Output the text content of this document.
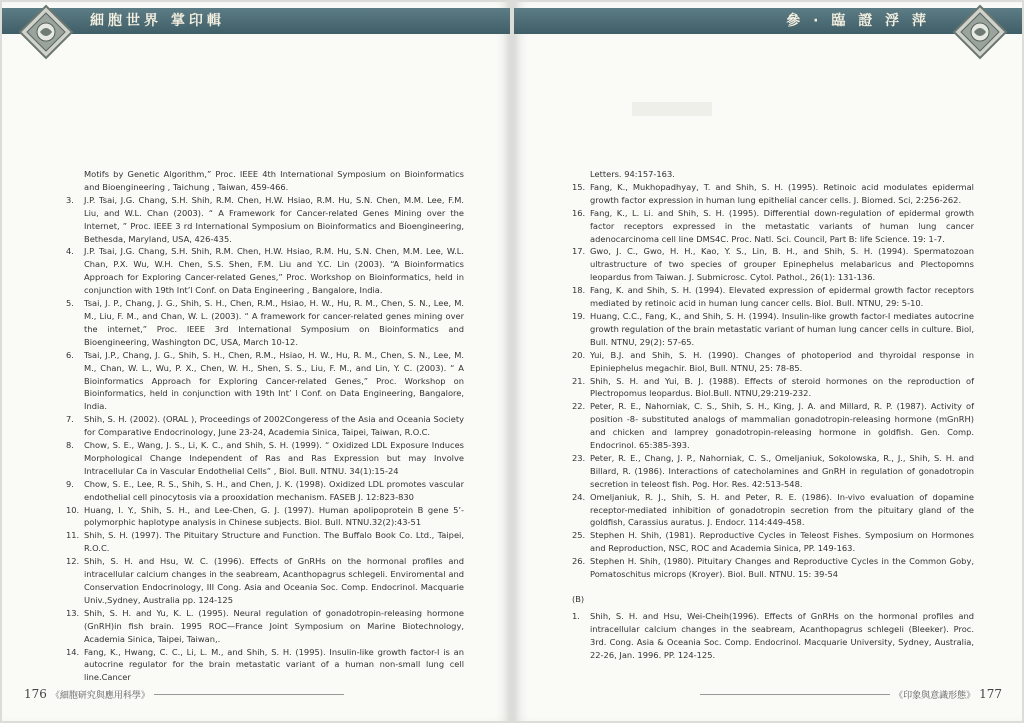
細胞世界 掌印輯
Motifs by Genetic Algorithm,” Proc. IEEE 4th International Symposium on Bioinformatics and Bioengineering , Taichung , Taiwan, 459-466.
3.	J.P. Tsai, J.G. Chang, S.H. Shih, R.M. Chen, H.W. Hsiao, R.M. Hu, S.N. Chen, M.M. Lee, F.M. Liu, and W.L. Chan (2003). “ A Framework for Cancer-related Genes Mining over the Internet, ” Proc. IEEE 3 rd International Symposium on Bioinformatics and Bioengineering, Bethesda, Maryland, USA, 426-435.
4.	J.P. Tsai, J.G. Chang, S.H. Shih, R.M. Chen, H.W. Hsiao, R.M. Hu, S.N. Chen, M.M. Lee, W.L. Chan, P.X. Wu, W.H. Chen, S.S. Shen, F.M. Liu and Y.C. Lin (2003). “A Bioinformatics Approach for Exploring Cancer-related Genes,” Proc. Workshop on Bioinformatics, held in conjunction with 19th Int’l Conf. on Data Engineering , Bangalore, India.
5.	Tsai, J. P., Chang, J. G., Shih, S. H., Chen, R.M., Hsiao, H. W., Hu, R. M., Chen, S. N., Lee, M. M., Liu, F. M., and Chan, W. L. (2003). “ A framework for cancer-related genes mining over the internet,” Proc. IEEE 3rd International Symposium on Bioinformatics and Bioengineering, Washington DC, USA, March 10-12.
6.	Tsai, J.P., Chang, J. G., Shih, S. H., Chen, R.M., Hsiao, H. W., Hu, R. M., Chen, S. N., Lee, M. M., Chan, W. L., Wu, P. X., Chen, W. H., Shen, S. S., Liu, F. M., and Lin, Y. C. (2003). “ A Bioinformatics Approach for Exploring Cancer-related Genes,” Proc. Workshop on Bioinformatics, held in conjunction with 19th Int’ l Conf. on Data Engineering, Bangalore, India.
7.	Shih, S. H. (2002). (ORAL ), Proceedings of 2002Congeress of the Asia and Oceania Society for Comparative Endocrinology, June 23-24, Academia Sinica, Taipei, Taiwan, R.O.C.
8.	Chow, S. E., Wang, J. S., Li, K. C., and Shih, S. H. (1999). “ Oxidized LDL Exposure Induces Morphological Change Independent of Ras and Ras Expression but may Involve Intracellular Ca in Vascular Endothelial Cells” , Biol. Bull. NTNU. 34(1):15-24
9.	Chow, S. E., Lee, R. S., Shih, S. H., and Chen, J. K. (1998). Oxidized LDL promotes vascular endothelial cell pinocytosis via a prooxidation mechanism. FASEB J. 12:823-830
10. Huang, I. Y., Shih, S. H., and Lee-Chen, G. J. (1997). Human apolipoprotein B gene 5’-polymorphic haplotype analysis in Chinese subjects. Biol. Bull. NTNU.32(2):43-51
11. Shih, S. H. (1997). The Pituitary Structure and Function. The Buffalo Book Co. Ltd., Taipei, R.O.C.
12. Shih, S. H. and Hsu, W. C. (1996). Effects of GnRHs on the hormonal profiles and intracellular calcium changes in the seabream, Acanthopagrus schlegeli. Enviromental and Conservation Endocrinology, III Cong. Asia and Oceania Soc. Comp. Endocrinol. Macquarie Univ.,Sydney, Australia pp. 124-125
13. Shih, S. H. and Yu, K. L. (1995). Neural regulation of gonadotropin-releasing hormone (GnRH)in fish brain. 1995 ROC—France Joint Symposium on Marine Biotechnology, Academia Sinica, Taipei, Taiwan,.
14. Fang, K., Hwang, C. C., Li, L. M., and Shih, S. H. (1995). Insulin-like growth factor-I is an autocrine regulator for the brain metastatic variant of a human non-small lung cell line.Cancer
176 《細胞研究與應用科學》
參 · 臨 證 浮 萍
Letters. 94:157-163.
15. Fang, K., Mukhopadhyay, T. and Shih, S. H. (1995). Retinoic acid modulates epidermal growth factor expression in human lung epithelial cancer cells. J. Biomed. Sci, 2:256-262.
16. Fang, K., L. Li. and Shih, S. H. (1995). Differential down-regulation of epidermal growth factor receptors expressed in the metastatic variants of human lung cancer adenocarcinoma cell line DMS4C. Proc. Natl. Sci. Council, Part B: life Science. 19: 1-7.
17. Gwo, J. C., Gwo, H. H., Kao, Y. S., Lin, B. H., and Shih, S. H. (1994). Spermatozoan ultrastructure of two species of grouper Epinephelus melabaricus and Plectopomns leopardus from Taiwan. J. Submicrosc. Cytol. Pathol., 26(1): 131-136.
18. Fang, K. and Shih, S. H. (1994). Elevated expression of epidermal growth factor receptors mediated by retinoic acid in human lung cancer cells. Biol. Bull. NTNU, 29: 5-10.
19. Huang, C.C., Fang, K., and Shih, S. H. (1994). Insulin-like growth factor-I mediates autocrine growth regulation of the brain metastatic variant of human lung cancer cells in culture. Biol, Bull. NTNU, 29(2): 57-65.
20. Yui, B.J. and Shih, S. H. (1990). Changes of photoperiod and thyroidal response in Epiniephelus megachir. Biol, Bull. NTNU, 25: 78-85.
21. Shih, S. H. and Yui, B. J. (1988). Effects of steroid hormones on the reproduction of Plectropomus leopardus. Biol.Bull. NTNU,29:219-232.
22. Peter, R. E., Nahorniak, C. S., Shih, S. H., King, J. A. and Millard, R. P. (1987). Activity of position -8- substituted analogs of mammalian gonadotropin-releasing hormone (mGnRH) and chicken and lamprey gonadotropin-releasing hormone in goldfish. Gen. Comp. Endocrinol. 65:385-393.
23. Peter, R. E., Chang, J. P., Nahorniak, C. S., Omeljaniuk, Sokolowska, R., J., Shih, S. H. and Billard, R. (1986). Interactions of catecholamines and GnRH in regulation of gonadotropin secretion in teleost fish. Pog. Hor. Res. 42:513-548.
24. Omeljaniuk, R. J., Shih, S. H. and Peter, R. E. (1986). In-vivo evaluation of dopamine receptor-mediated inhibition of gonadotropin secretion from the pituitary gland of the goldfish, Carassius auratus. J. Endocr. 114:449-458.
25. Stephen H. Shih, (1981). Reproductive Cycles in Teleost Fishes. Symposium on Hormones and Reproduction, NSC, ROC and Academia Sinica, PP. 149-163.
26. Stephen H. Shih, (1980). Pituitary Changes and Reproductive Cycles in the Common Goby, Pomatoschitus microps (Kroyer). Biol. Bull. NTNU. 15: 39-54
(B)
1.	Shih, S. H. and Hsu, Wei-Cheih(1996). Effects of GnRHs on the hormonal profiles and intracellular calcium changes in the seabream, Acanthopagrus schlegeli (Bleeker). Proc. 3rd. Cong. Asia & Oceania Soc. Comp. Endocrinol. Macquarie University, Sydney, Australia, 22-26, Jan. 1996. PP. 124-125.
《印象與意識形態》 177
